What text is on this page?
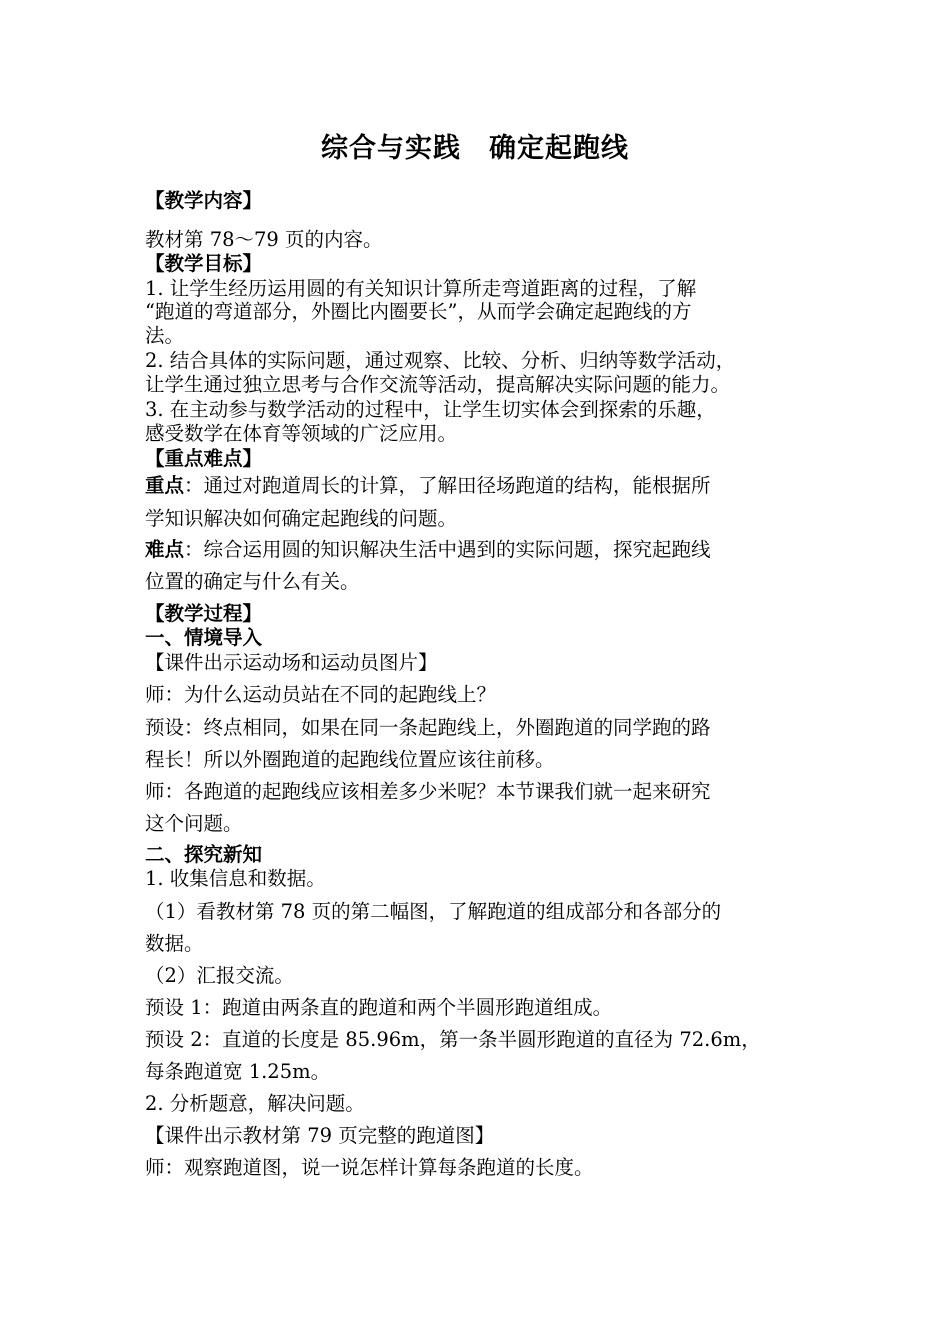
综合与实践　确定起跑线
【教学内容】
教材第 78～79 页的内容。
【教学目标】
1. 让学生经历运用圆的有关知识计算所走弯道距离的过程，了解
“跑道的弯道部分，外圈比内圈要长”，从而学会确定起跑线的方
法。
2. 结合具体的实际问题，通过观察、比较、分析、归纳等数学活动，
让学生通过独立思考与合作交流等活动，提高解决实际问题的能力。
3. 在主动参与数学活动的过程中，让学生切实体会到探索的乐趣，
感受数学在体育等领域的广泛应用。
【重点难点】
重点：通过对跑道周长的计算，了解田径场跑道的结构，能根据所
学知识解决如何确定起跑线的问题。
难点：综合运用圆的知识解决生活中遇到的实际问题，探究起跑线
位置的确定与什么有关。
【教学过程】
一、情境导入
【课件出示运动场和运动员图片】
师：为什么运动员站在不同的起跑线上？
预设：终点相同，如果在同一条起跑线上，外圈跑道的同学跑的路
程长！所以外圈跑道的起跑线位置应该往前移。
师：各跑道的起跑线应该相差多少米呢？本节课我们就一起来研究
这个问题。
二、探究新知
1. 收集信息和数据。
（1）看教材第 78 页的第二幅图，了解跑道的组成部分和各部分的
数据。
（2）汇报交流。
预设 1：跑道由两条直的跑道和两个半圆形跑道组成。
预设 2：直道的长度是 85.96m，第一条半圆形跑道的直径为 72.6m，
每条跑道宽 1.25m。
2. 分析题意，解决问题。
【课件出示教材第 79 页完整的跑道图】
师：观察跑道图，说一说怎样计算每条跑道的长度。
